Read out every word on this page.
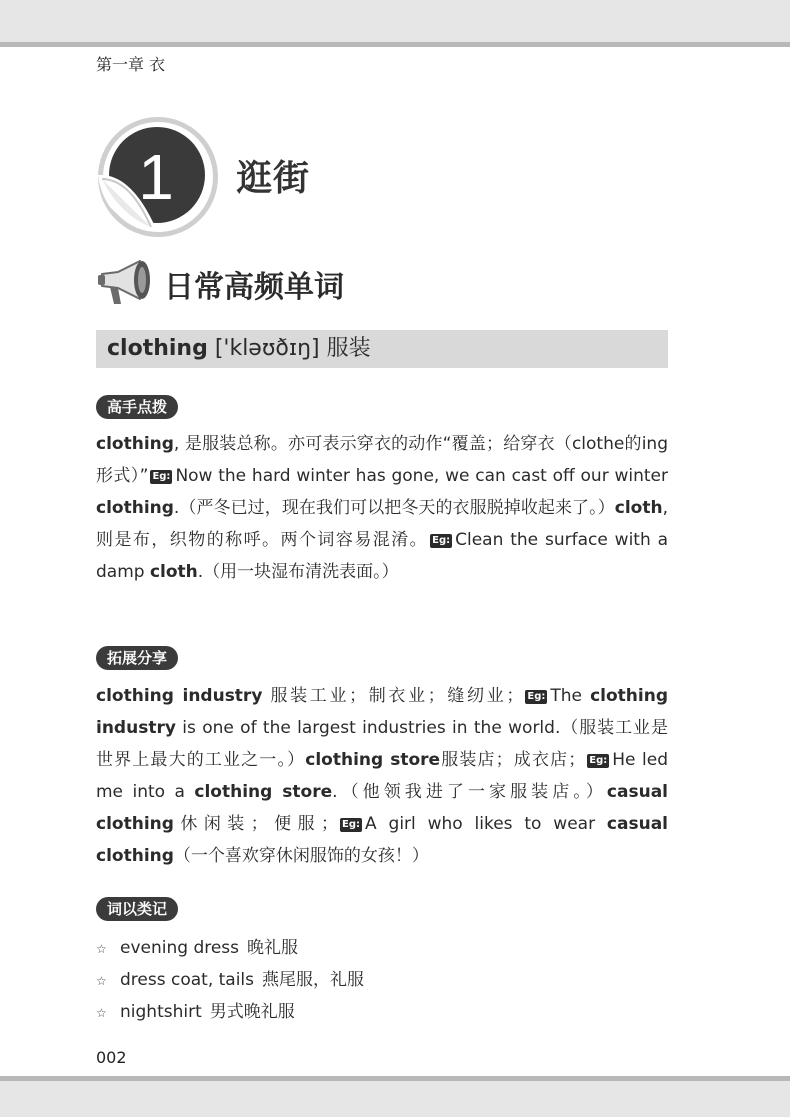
第一章 衣
1 逛街
日常高频单词
clothing ['kləʊðɪŋ] 服装
高手点拨

clothing, 是服装总称。亦可表示穿衣的动作“覆盖；给穿衣（clothe的ing形式）” Eg: Now the hard winter has gone, we can cast off our winter clothing.（严冬已过，现在我们可以把冬天的衣服脱掉收起来了。）cloth, 则是布，织物的称呼。两个词容易混淆。 Eg: Clean the surface with a damp cloth.（用一块湿布清洗表面。）

拓展分享

clothing industry 服装工业；制衣业；缝纫业； Eg: The clothing industry is one of the largest industries in the world.（服装工业是世界上最大的工业之一。）clothing store服装店；成衣店； Eg: He led me into a clothing store.（他领我进了一家服装店。）casual clothing休闲装；便服； Eg: A girl who likes to wear casual clothing（一个喜欢穿休闲服饰的女孩！）

词以类记
☆ evening dress 晚礼服
☆ dress coat, tails 燕尾服，礼服
☆ nightshirt 男式晚礼服
002
